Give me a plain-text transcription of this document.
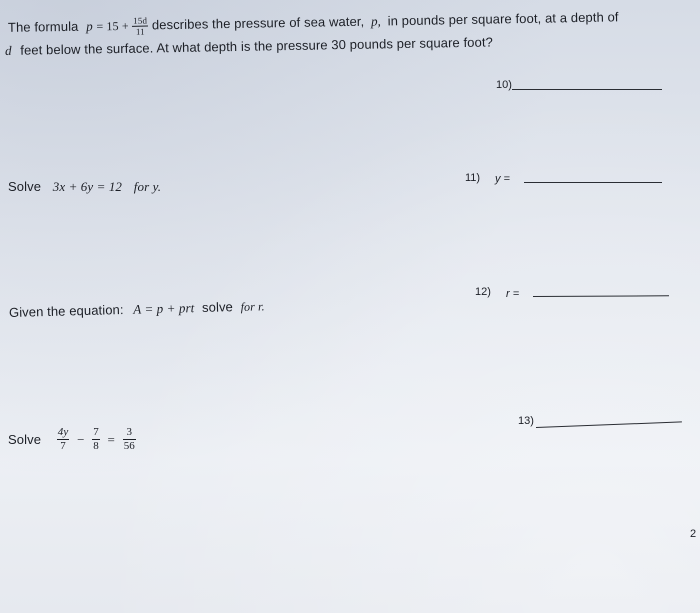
The formula $p = 15 + \frac{15d}{11}$ describes the pressure of sea water, p, in pounds per square foot, at a depth of
d feet below the surface. At what depth is the pressure 30 pounds per square foot?
10)
Solve 3x + 6y = 12 for y.
11) y =
Given the equation: A = p + prt solve for r.
12) r =
Solve $\frac{4y}{7} - \frac{7}{8} = \frac{3}{56}$
13)
2
